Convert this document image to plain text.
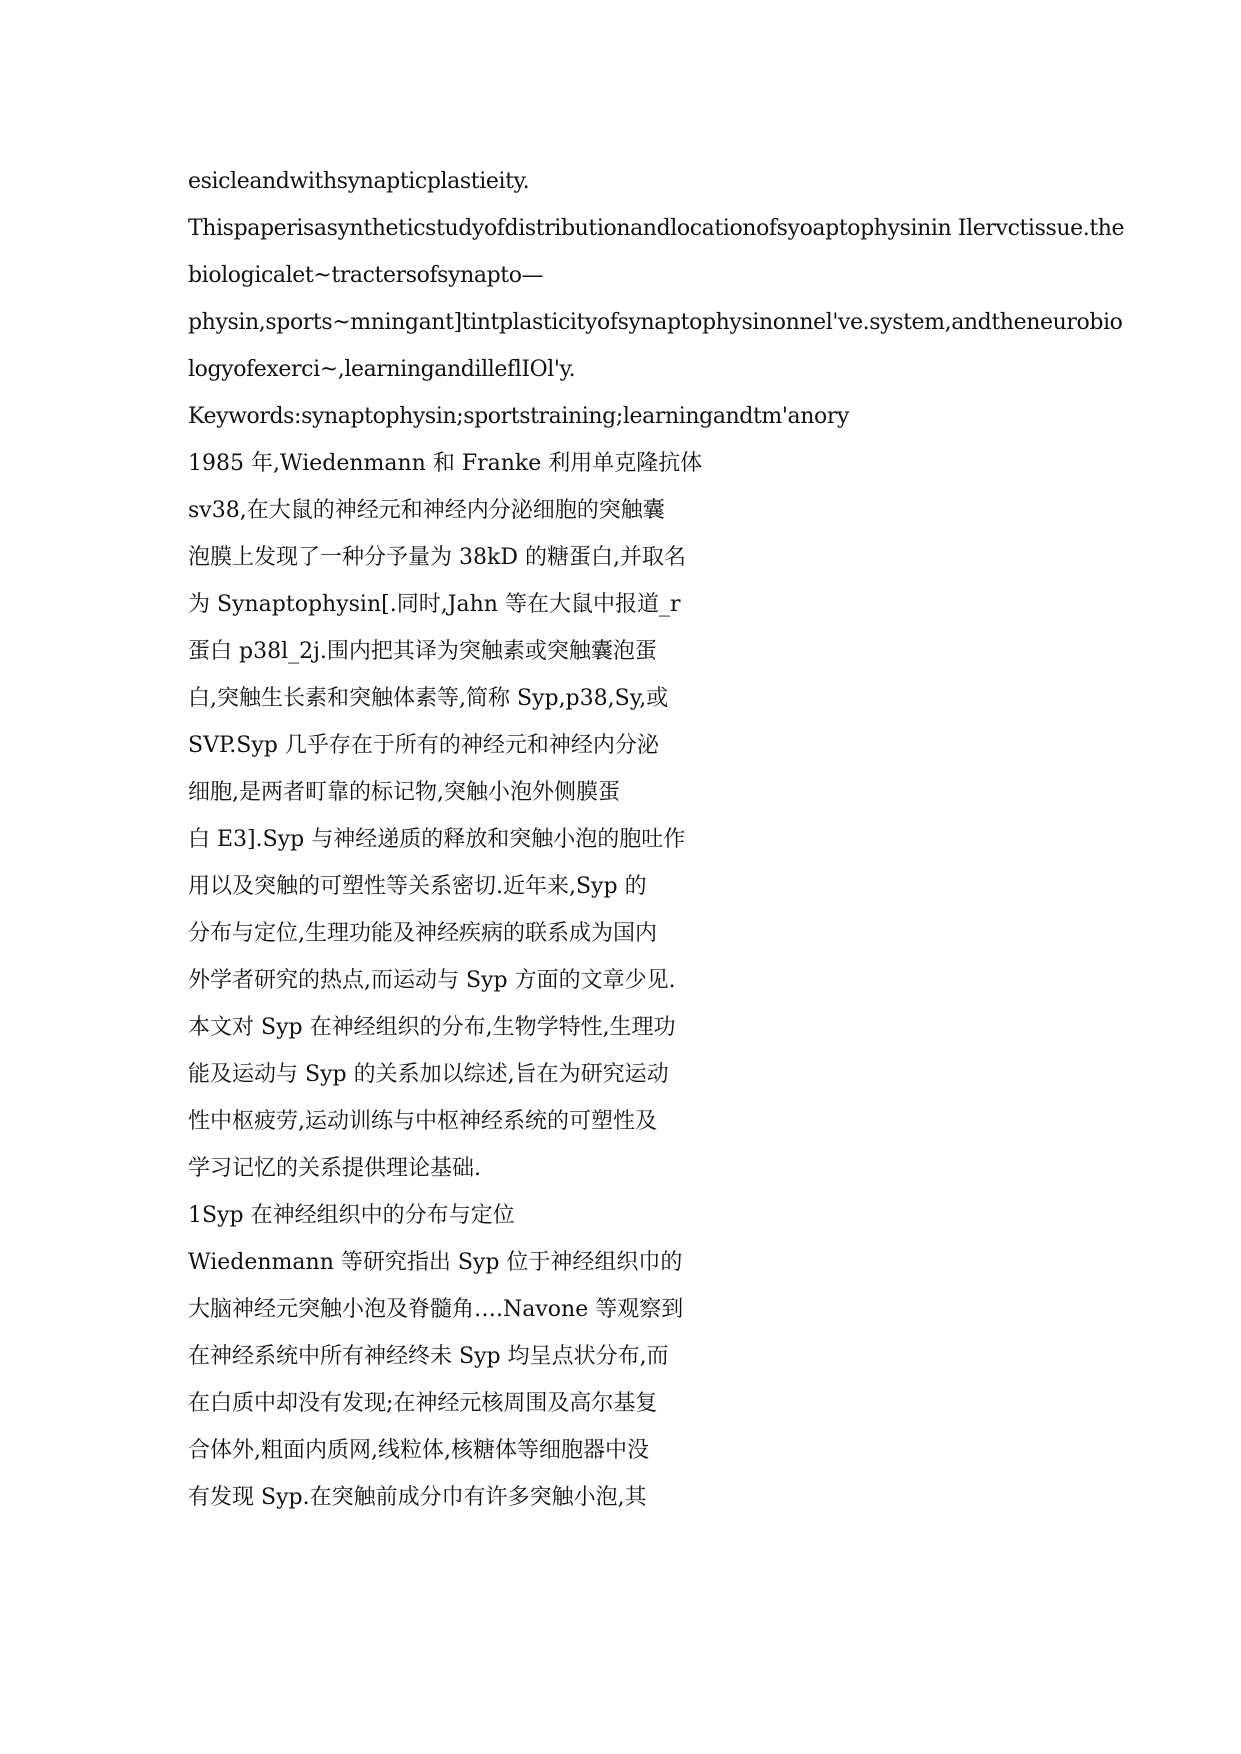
esicleandwithsynapticplastieity.
Thispaperisasyntheticstudyofdistributionandlocationofsyoaptophysinin Ilervctissue.the
biologicalet~tractersofsynapto—
physin,sports~mningant]tintplasticityofsynaptophysinonnel've.system,andtheneurobio
logyofexerci~,learningandilleflIOl'y.
Keywords:synaptophysin;sportstraining;learningandtm'anory
1985 年,Wiedenmann 和 Franke 利用单克隆抗体
sv38,在大鼠的神经元和神经内分泌细胞的突触囊
泡膜上发现了一种分予量为 38kD 的糖蛋白,并取名
为 Synaptophysin[.同时,Jahn 等在大鼠中报道_r
蛋白 p38l_2j.围内把其译为突触素或突触囊泡蛋
白,突触生长素和突触体素等,简称 Syp,p38,Sy,或
SVP.Syp 几乎存在于所有的神经元和神经内分泌
细胞,是两者町靠的标记物,突触小泡外侧膜蛋
白 E3].Syp 与神经递质的释放和突触小泡的胞吐作
用以及突触的可塑性等关系密切.近年来,Syp 的
分布与定位,生理功能及神经疾病的联系成为国内
外学者研究的热点,而运动与 Syp 方面的文章少见.
本文对 Syp 在神经组织的分布,生物学特性,生理功
能及运动与 Syp 的关系加以综述,旨在为研究运动
性中枢疲劳,运动训练与中枢神经系统的可塑性及
学习记忆的关系提供理论基础.
1Syp 在神经组织中的分布与定位
Wiedenmann 等研究指出 Syp 位于神经组织巾的
大脑神经元突触小泡及脊髓角….Navone 等观察到
在神经系统中所有神经终未 Syp 均呈点状分布,而
在白质中却没有发现;在神经元核周围及高尔基复
合体外,粗面内质网,线粒体,核糖体等细胞器中没
有发现 Syp.在突触前成分巾有许多突触小泡,其
